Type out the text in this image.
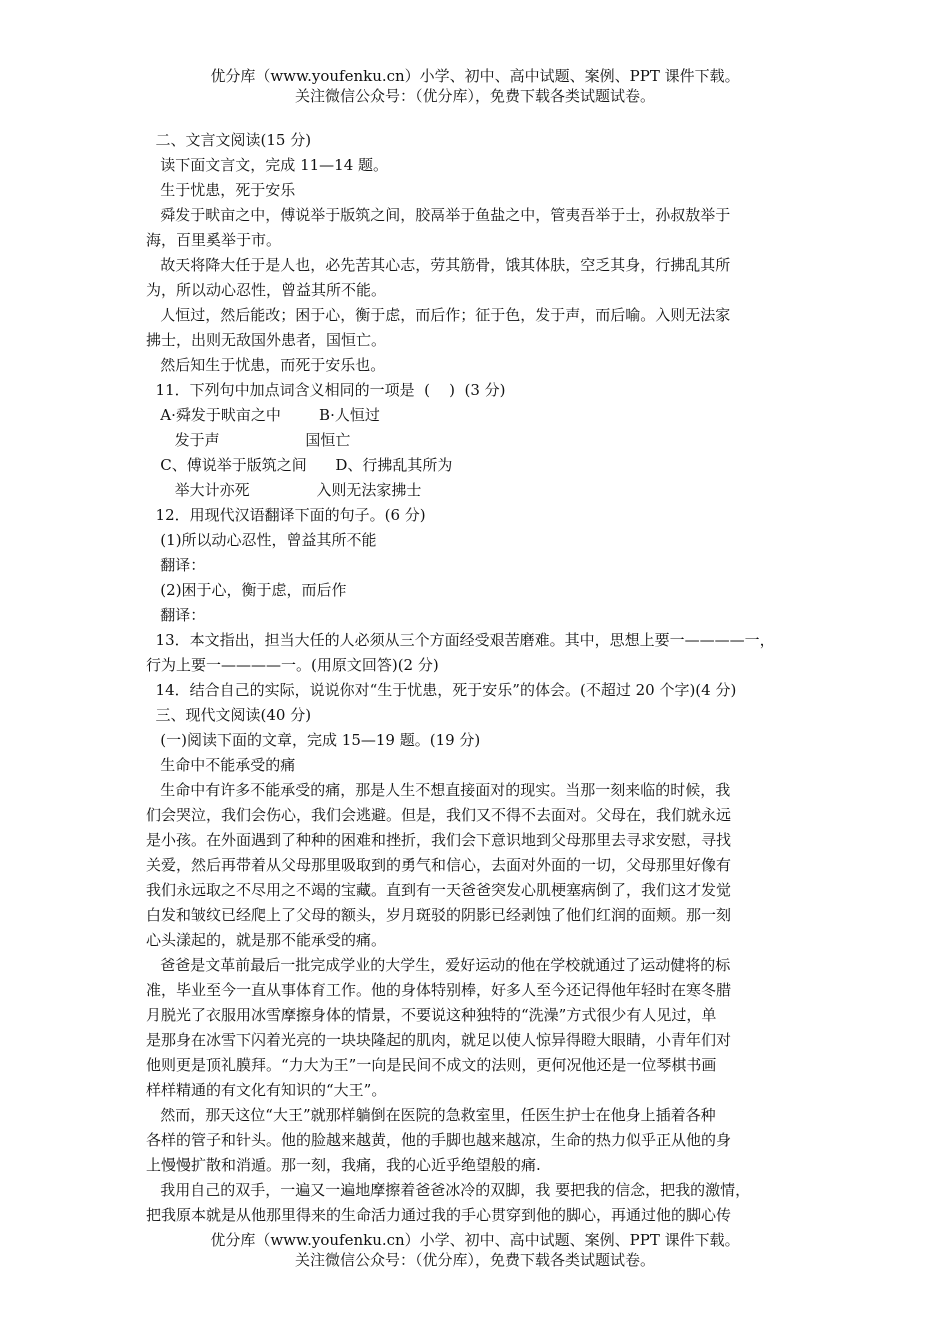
优分库（www.youfenku.cn）小学、初中、高中试题、案例、PPT 课件下载。
关注微信公众号：（优分库），免费下载各类试题试卷。
二、文言文阅读(15 分)
读下面文言文，完成 11—14 题。
生于忧患，死于安乐
舜发于畎亩之中，傅说举于版筑之间，胶鬲举于鱼盐之中，管夷吾举于士，孙叔敖举于
海，百里奚举于市。
故天将降大任于是人也，必先苦其心志，劳其筋骨，饿其体肤，空乏其身，行拂乱其所
为，所以动心忍性，曾益其所不能。
人恒过，然后能改；困于心，衡于虑，而后作；征于色，发于声，而后喻。入则无法家
拂士，出则无敌国外患者，国恒亡。
然后知生于忧患，而死于安乐也。
11．下列句中加点词含义相同的一项是  (    )  (3 分)
A·舜发于畎亩之中        B·人恒过
发于声                  国恒亡
C、傅说举于版筑之间      D、行拂乱其所为
举大计亦死              入则无法家拂士
12．用现代汉语翻译下面的句子。(6 分)
(1)所以动心忍性，曾益其所不能
翻译：
(2)困于心，衡于虑，而后作
翻译：
13．本文指出，担当大任的人必须从三个方面经受艰苦磨难。其中，思想上要一————一，
行为上要一————一。(用原文回答)(2 分)
14．结合自己的实际，说说你对“生于忧患，死于安乐”的体会。(不超过 20 个字)(4 分)
三、现代文阅读(40 分)
(一)阅读下面的文章，完成 15—19 题。(19 分)
生命中不能承受的痛
生命中有许多不能承受的痛，那是人生不想直接面对的现实。当那一刻来临的时候，我
们会哭泣，我们会伤心，我们会逃避。但是，我们又不得不去面对。父母在，我们就永远
是小孩。在外面遇到了种种的困难和挫折，我们会下意识地到父母那里去寻求安慰，寻找
关爱，然后再带着从父母那里吸取到的勇气和信心，去面对外面的一切，父母那里好像有
我们永远取之不尽用之不竭的宝藏。直到有一天爸爸突发心肌梗塞病倒了，我们这才发觉
白发和皱纹已经爬上了父母的额头，岁月斑驳的阴影已经剥蚀了他们红润的面颊。那一刻
心头漾起的，就是那不能承受的痛。
爸爸是文革前最后一批完成学业的大学生，爱好运动的他在学校就通过了运动健将的标
准，毕业至今一直从事体育工作。他的身体特别棒，好多人至今还记得他年轻时在寒冬腊
月脱光了衣服用冰雪摩擦身体的情景，不要说这种独特的“洗澡”方式很少有人见过，单
是那身在冰雪下闪着光亮的一块块隆起的肌肉，就足以使人惊异得瞪大眼睛，小青年们对
他则更是顶礼膜拜。“力大为王”一向是民间不成文的法则，更何况他还是一位琴棋书画
样样精通的有文化有知识的“大王”。
然而，那天这位“大王”就那样躺倒在医院的急救室里，任医生护士在他身上插着各种
各样的管子和针头。他的脸越来越黄，他的手脚也越来越凉，生命的热力似乎正从他的身
上慢慢扩散和消遁。那一刻，我痛，我的心近乎绝望般的痛.
我用自己的双手，一遍又一遍地摩擦着爸爸冰冷的双脚，我 要把我的信念，把我的激情，
把我原本就是从他那里得来的生命活力通过我的手心贯穿到他的脚心，再通过他的脚心传
优分库（www.youfenku.cn）小学、初中、高中试题、案例、PPT 课件下载。
关注微信公众号：（优分库），免费下载各类试题试卷。
